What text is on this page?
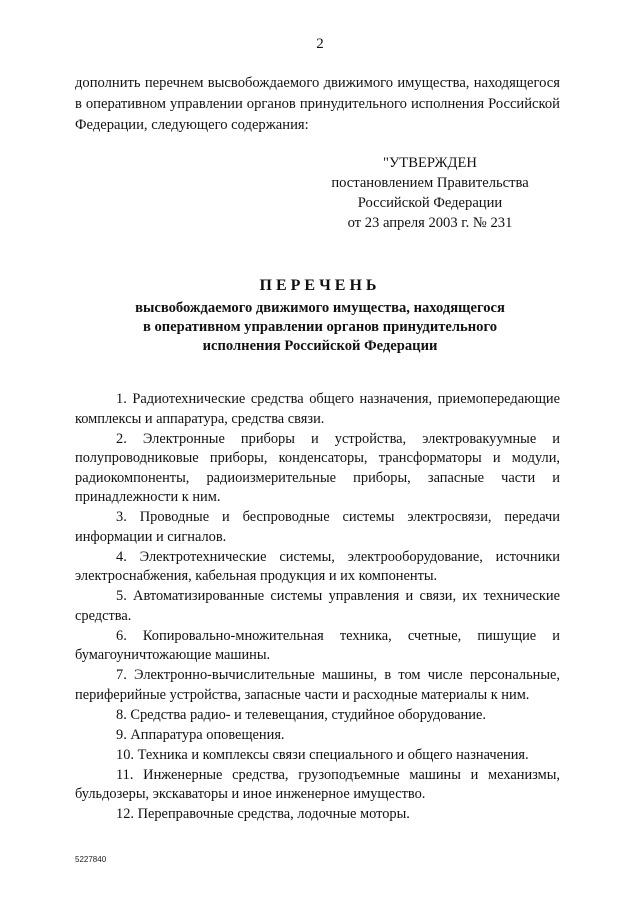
2

дополнить перечнем высвобождаемого движимого имущества, находящегося в оперативном управлении органов принудительного исполнения Российской Федерации, следующего содержания:

"УТВЕРЖДЕН
постановлением Правительства
Российской Федерации
от 23 апреля 2003 г. № 231
ПЕРЕЧЕНЬ
высвобождаемого движимого имущества, находящегося
в оперативном управлении органов принудительного
исполнения Российской Федерации

1. Радиотехнические средства общего назначения, приемопередающие комплексы и аппаратура, средства связи.

2. Электронные приборы и устройства, электровакуумные и полупроводниковые приборы, конденсаторы, трансформаторы и модули, радиокомпоненты, радиоизмерительные приборы, запасные части и принадлежности к ним.

3. Проводные и беспроводные системы электросвязи, передачи информации и сигналов.

4. Электротехнические системы, электрооборудование, источники электроснабжения, кабельная продукция и их компоненты.

5. Автоматизированные системы управления и связи, их технические средства.

6. Копировально-множительная техника, счетные, пишущие и бумагоуничтожающие машины.

7. Электронно-вычислительные машины, в том числе персональные, периферийные устройства, запасные части и расходные материалы к ним.

8. Средства радио- и телевещания, студийное оборудование.

9. Аппаратура оповещения.

10. Техника и комплексы связи специального и общего назначения.

11. Инженерные средства, грузоподъемные машины и механизмы, бульдозеры, экскаваторы и иное инженерное имущество.

12. Переправочные средства, лодочные моторы.

5227840
